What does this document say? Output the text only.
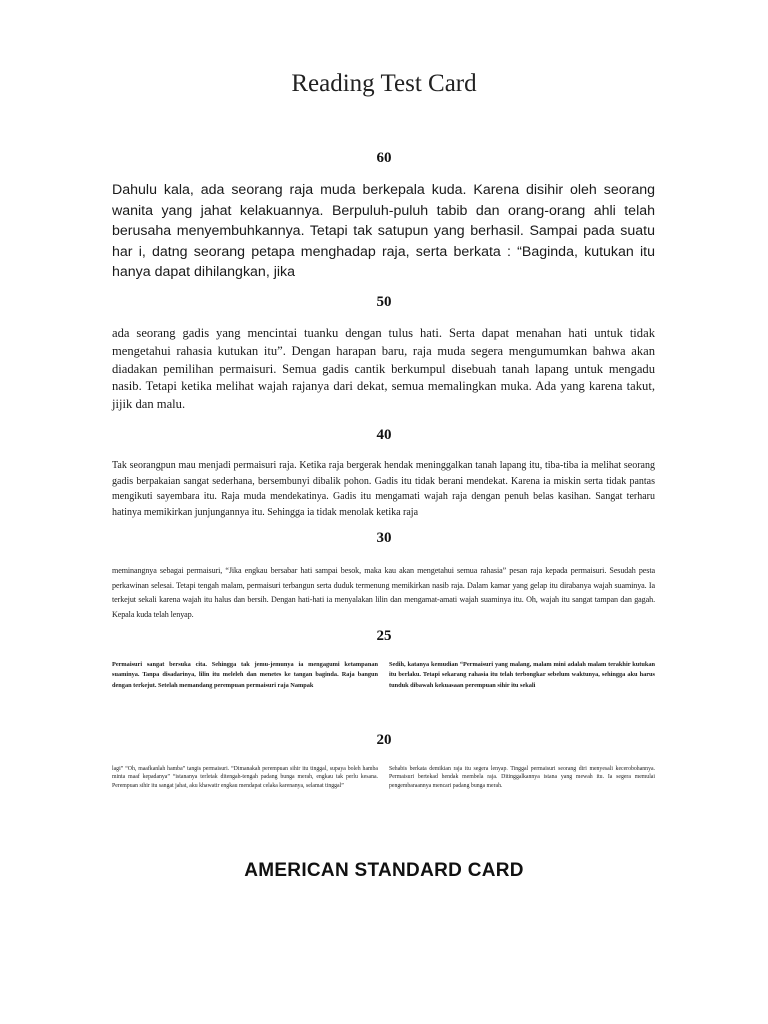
Reading Test Card
60
Dahulu kala, ada seorang raja muda berkepala kuda. Karena disihir oleh seorang wanita yang jahat kelakuannya. Berpuluh-puluh tabib dan orang-orang ahli telah berusaha menyembuhkannya. Tetapi tak satupun yang berhasil. Sampai pada suatu har i, datng seorang petapa menghadap raja, serta berkata : “Baginda, kutukan itu hanya dapat dihilangkan, jika
50
ada seorang gadis yang mencintai tuanku dengan tulus hati. Serta dapat menahan hati untuk tidak mengetahui rahasia kutukan itu”. Dengan harapan baru, raja muda segera mengumumkan bahwa akan diadakan pemilihan permaisuri. Semua gadis cantik berkumpul disebuah tanah lapang untuk mengadu nasib. Tetapi ketika melihat wajah rajanya dari dekat, semua memalingkan muka. Ada yang karena takut, jijik dan malu.
40
Tak seorangpun mau menjadi permaisuri raja. Ketika raja bergerak hendak meninggalkan tanah lapang itu, tiba-tiba ia melihat seorang gadis berpakaian sangat sederhana, bersembunyi dibalik pohon. Gadis itu tidak berani mendekat. Karena ia miskin serta tidak pantas mengikuti sayembara itu. Raja muda mendekatinya. Gadis itu mengamati wajah raja dengan penuh belas kasihan. Sangat terharu hatinya memikirkan junjungannya itu. Sehingga ia tidak menolak ketika raja
30
meminangnya sebagai permaisuri, “Jika engkau bersabar hati sampai besok, maka kau akan mengetahui semua rahasia” pesan raja kepada permaisuri. Sesudah pesta perkawinan selesai. Tetapi tengah malam, permaisuri terbangun serta duduk termenung memikirkan nasib raja. Dalam kamar yang gelap itu dirabanya wajah suaminya. Ia terkejut sekali karena wajah itu halus dan bersih. Dengan hati-hati ia menyalakan lilin dan mengamat-amati wajah suaminya itu. Oh, wajah itu sangat tampan dan gagah. Kepala kuda telah lenyap.
25
Permaisuri sangat bersuka cita. Sehingga tak jemu-jemunya ia mengagumi ketampanan suaminya. Tanpa disadarinya, lilin itu meleleh dan menetes ke tangan baginda. Raja bangun dengan terkejut. Setelah memandang perempuan permaisuri raja Nampak
Sedih, katanya kemudian “Permaisuri yang malang, malam mini adalah malam terakhir kutukan itu berlaku. Tetapi sekarang rahasia itu telah terbongkar sebelum waktunya, sehingga aku harus tunduk dibawah kekuasaan perempuan sihir itu sekali
20
lagi” “Oh, maafkanlah hamba” tangis permaisuri. “Dimanakah perempuan sihir itu tinggal, supaya boleh hamba minta maaf kepadanya” “istananya terletak ditengah-tengah padang bunga merah, engkau tak perlu kesana. Perempuan sihir itu sangat jahat, aku khawatir engkau mendapat celaka karenanya, selamat tinggal”
Sehabis berkata demikian raja itu segera lenyap. Tinggal permaisuri seorang diri menyesali kecerobohannya. Permaisuri bertekad hendak membela raja. Ditinggalkannya istana yang mewah itu. Ia segera memulai pengembaraannya mencari padang bunga merah.
AMERICAN STANDARD CARD
